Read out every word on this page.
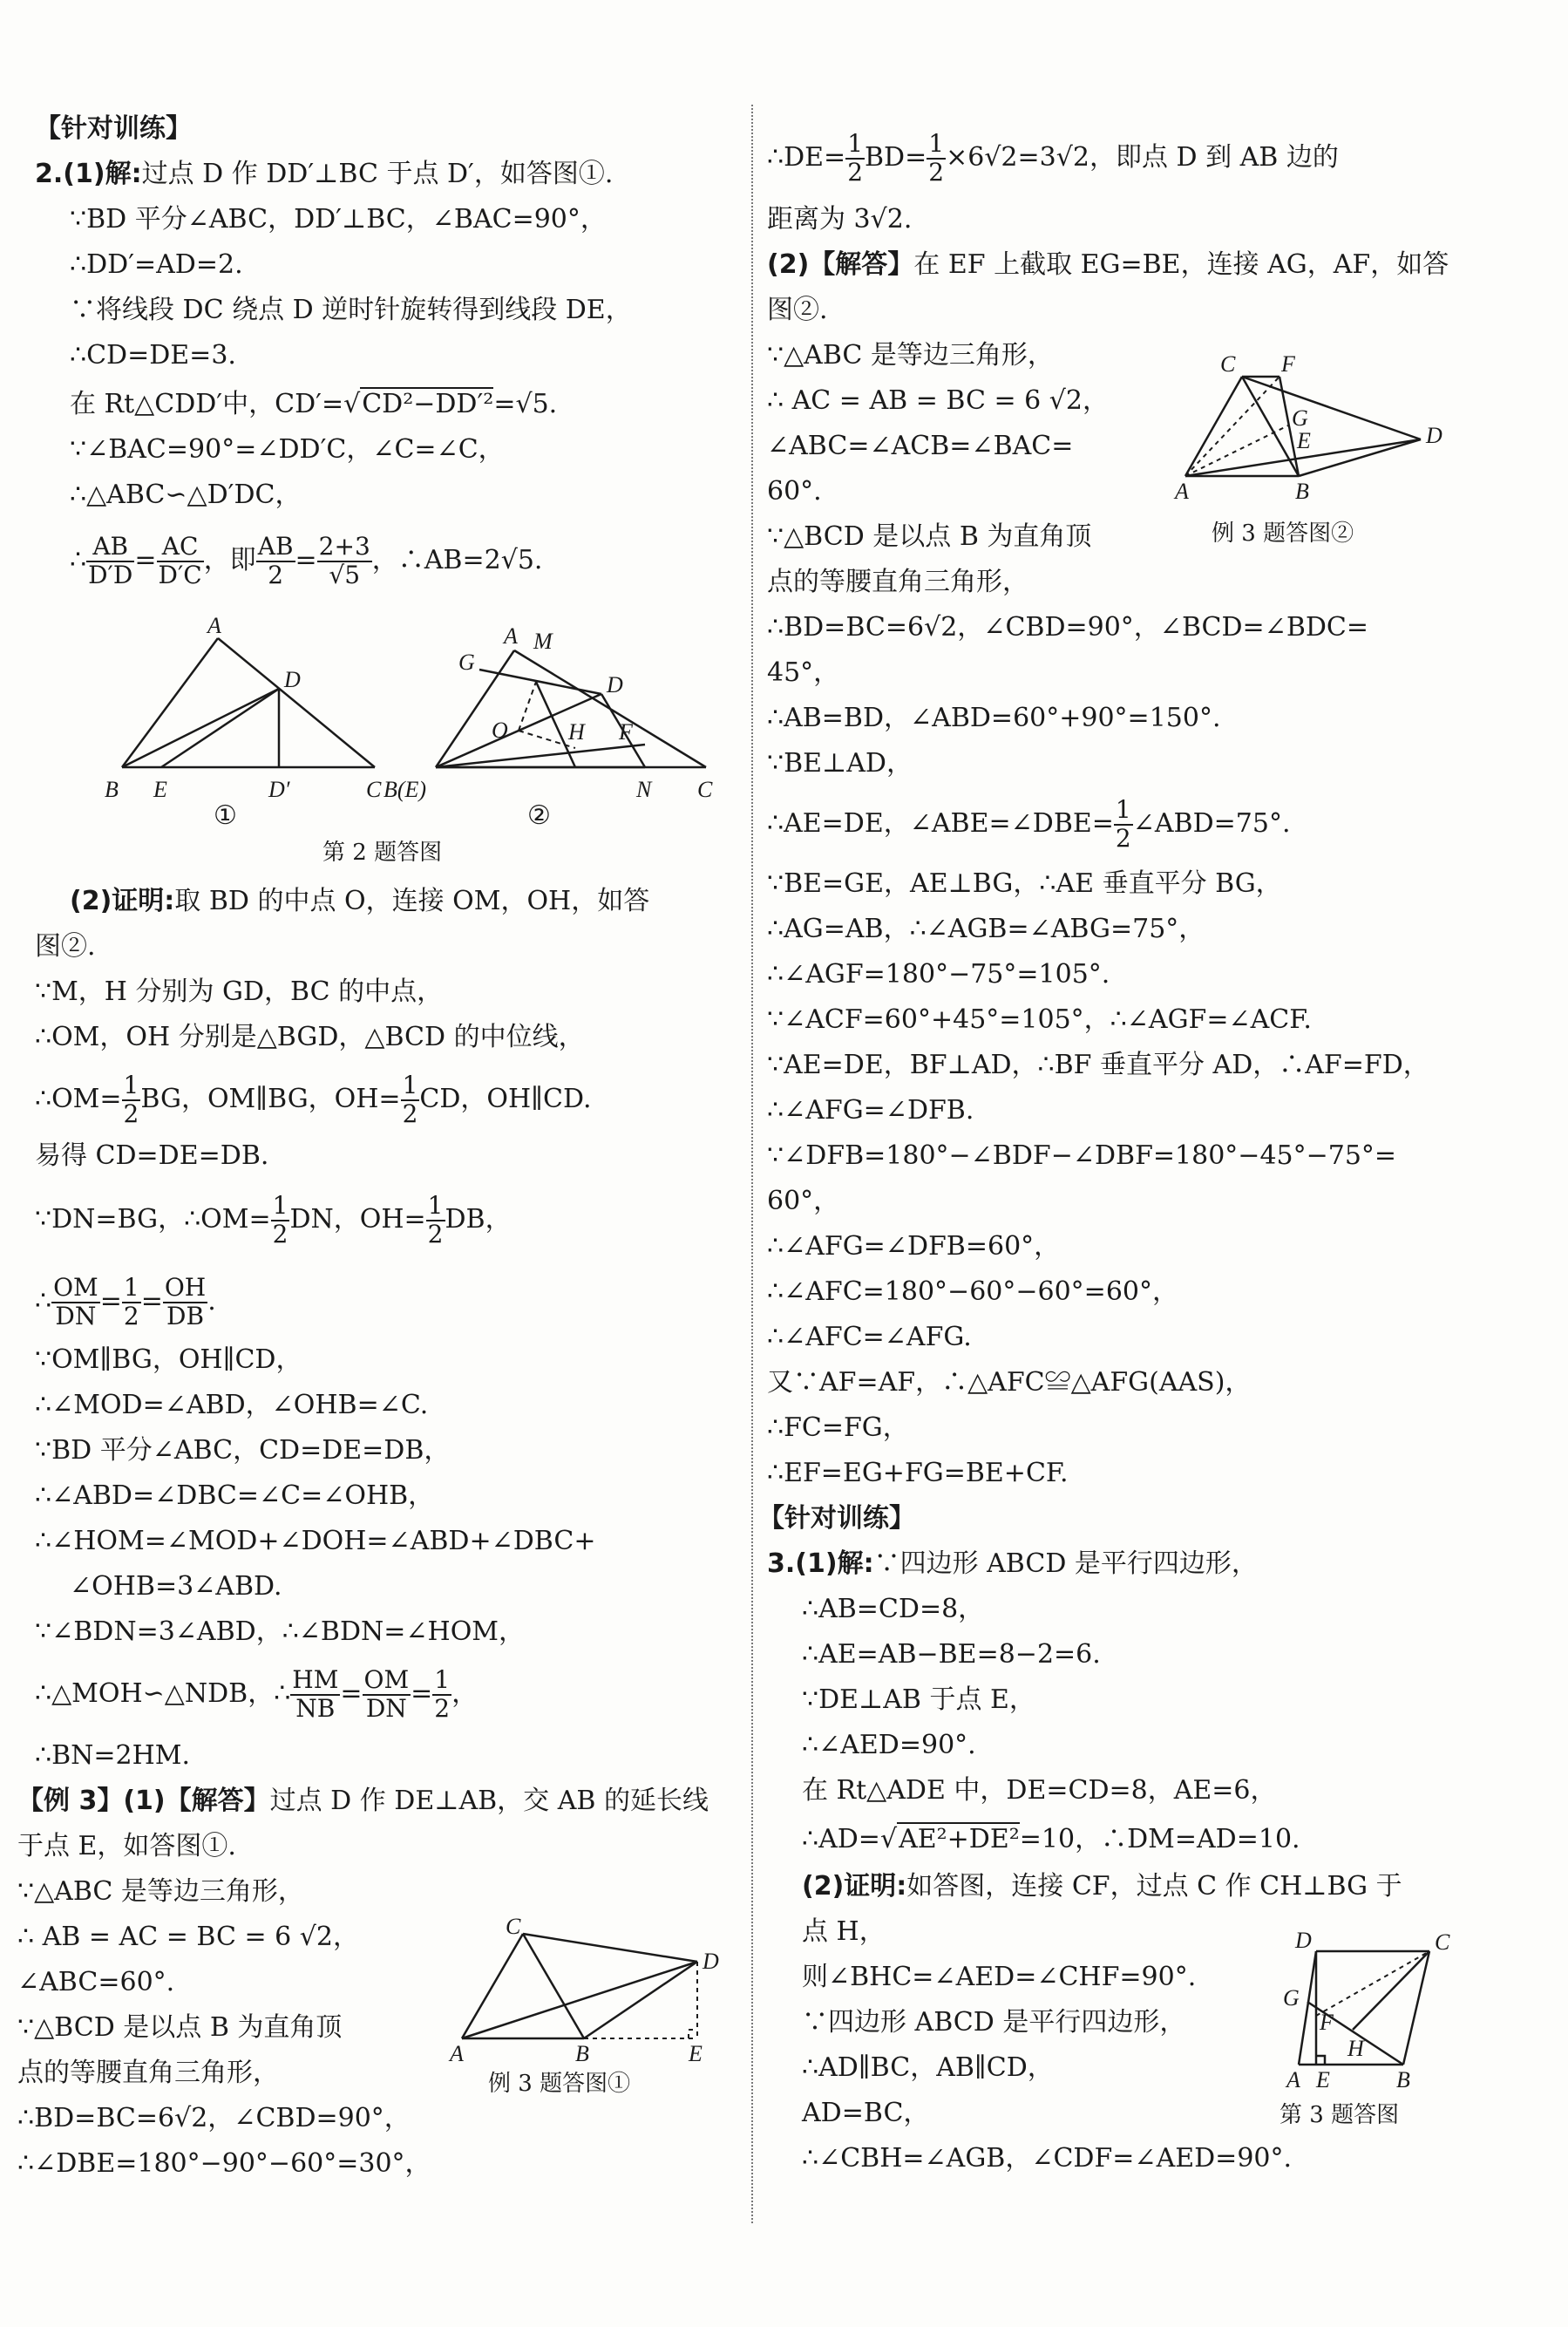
【针对训练】
2.(1)解:过点 D 作 DD′⊥BC 于点 D′，如答图①.
∵BD 平分∠ABC，DD′⊥BC，∠BAC=90°，
∴DD′=AD=2.
∵将线段 DC 绕点 D 逆时针旋转得到线段 DE，
∴CD=DE=3.
在 Rt△CDD′中，CD′=√CD²−DD′²=√5.
∵∠BAC=90°=∠DD′C，∠C=∠C，
∴△ABC∽△D′DC，
∴ $\frac{AB}{D'D} = \frac{AC}{D'C}$ ，即 $\frac{AB}{2} = \frac{2+3}{√5}$ ，∴AB=2√5.
A
D
B E	D′	C
G
A M
D
O	H F
B(E)	N C
①	②
第 2 题答图
(2)证明:取 BD 的中点 O，连接 OM，OH，如答
图②.
∵M，H 分别为 GD，BC 的中点，
∴OM，OH 分别是△BGD，△BCD 的中位线，
∴OM= $\frac{1}{2}$ BG，OM∥BG，$OH= \frac{1}{2}$ CD，OH∥CD.
易得 CD=DE=DB.
∵DN=BG，∴OM= $\frac{1}{2}$ DN，$OH= \frac{1}{2}$ DB，
∴ $\frac{OM}{DN} = \frac{1}{2} = \frac{OH}{DB}$ .
∵OM∥BG，OH∥CD，
∴∠MOD=∠ABD，∠OHB=∠C.
∵BD 平分∠ABC，CD=DE=DB，
∴∠ABD=∠DBC=∠C=∠OHB，
∴∠HOM=∠MOD+∠DOH=∠ABD+∠DBC+
∠OHB=3∠ABD.
∵∠BDN=3∠ABD，∴∠BDN=∠HOM，
∴△MOH∽△NDB，∴ $\frac{HM}{NB} = \frac{OM}{DN} = \frac{1}{2}$ ，
∴BN=2HM.
【例 3】(1)【解答】过点 D 作 DE⊥AB，交 AB 的延长线
于点 E，如答图①.
∵△ABC 是等边三角形，
∴ AB = AC = BC = 6 √2，
∠ABC=60°.
∵△BCD 是以点 B 为直角顶
点的等腰直角三角形，
∴BD=BC=6√2，∠CBD=90°，
∴∠DBE=180°−90°−60°=30°，
C
D
A	B	E
例 3 题答图①
∴DE= $\frac{1}{2} BD= \frac{1}{2} \times 6√2=3√2$，即点 D 到 AB 边的
距离为 3√2.
(2)【解答】在 EF 上截取 EG=BE，连接 AG，AF，如答
图②.
∵△ABC 是等边三角形，
∴ AC = AB = BC = 6 √2，
∠ABC=∠ACB=∠BAC=
60°.
∵△BCD 是以点 B 为直角顶
点的等腰直角三角形，
C F
G
E	D
A	B
例 3 题答图②
∴BD=BC=6√2，∠CBD=90°，∠BCD=∠BDC=
45°，
∴AB=BD，∠ABD=60°+90°=150°.
∵BE⊥AD，
∴AE=DE，∠ABE=∠DBE= $\frac{1}{2}$ ∠ABD=75°.
∵BE=GE，AE⊥BG，∴AE 垂直平分 BG，
∴AG=AB，∴∠AGB=∠ABG=75°，
∴∠AGF=180°−75°=105°.
∵∠ACF=60°+45°=105°，∴∠AGF=∠ACF.
∵AE=DE，BF⊥AD，∴BF 垂直平分 AD，∴AF=FD，
∴∠AFG=∠DFB.
∵∠DFB=180°−∠BDF−∠DBF=180°−45°−75°=
60°，
∴∠AFG=∠DFB=60°，
∴∠AFC=180°−60°−60°=60°，
∴∠AFC=∠AFG.
又∵AF=AF，∴△AFC≌△AFG(AAS)，
∴FC=FG，
∴EF=EG+FG=BE+CF.
【针对训练】
3.(1)解:∵四边形 ABCD 是平行四边形，
∴AB=CD=8，
∴AE=AB−BE=8−2=6.
∵DE⊥AB 于点 E，
∴∠AED=90°.
在 Rt△ADE 中，DE=CD=8，AE=6，
∴AD=√AE²+DE²=10，∴DM=AD=10.
(2)证明:如答图，连接 CF，过点 C 作 CH⊥BG 于
点 H，
则∠BHC=∠AED=∠CHF=90°.
∵四边形 ABCD 是平行四边形，
∴AD∥BC，AB∥CD，
AD=BC，
∴∠CBH=∠AGB，∠CDF=∠AED=90°.
D	C
G
F
H
A E	B
第 3 题答图
